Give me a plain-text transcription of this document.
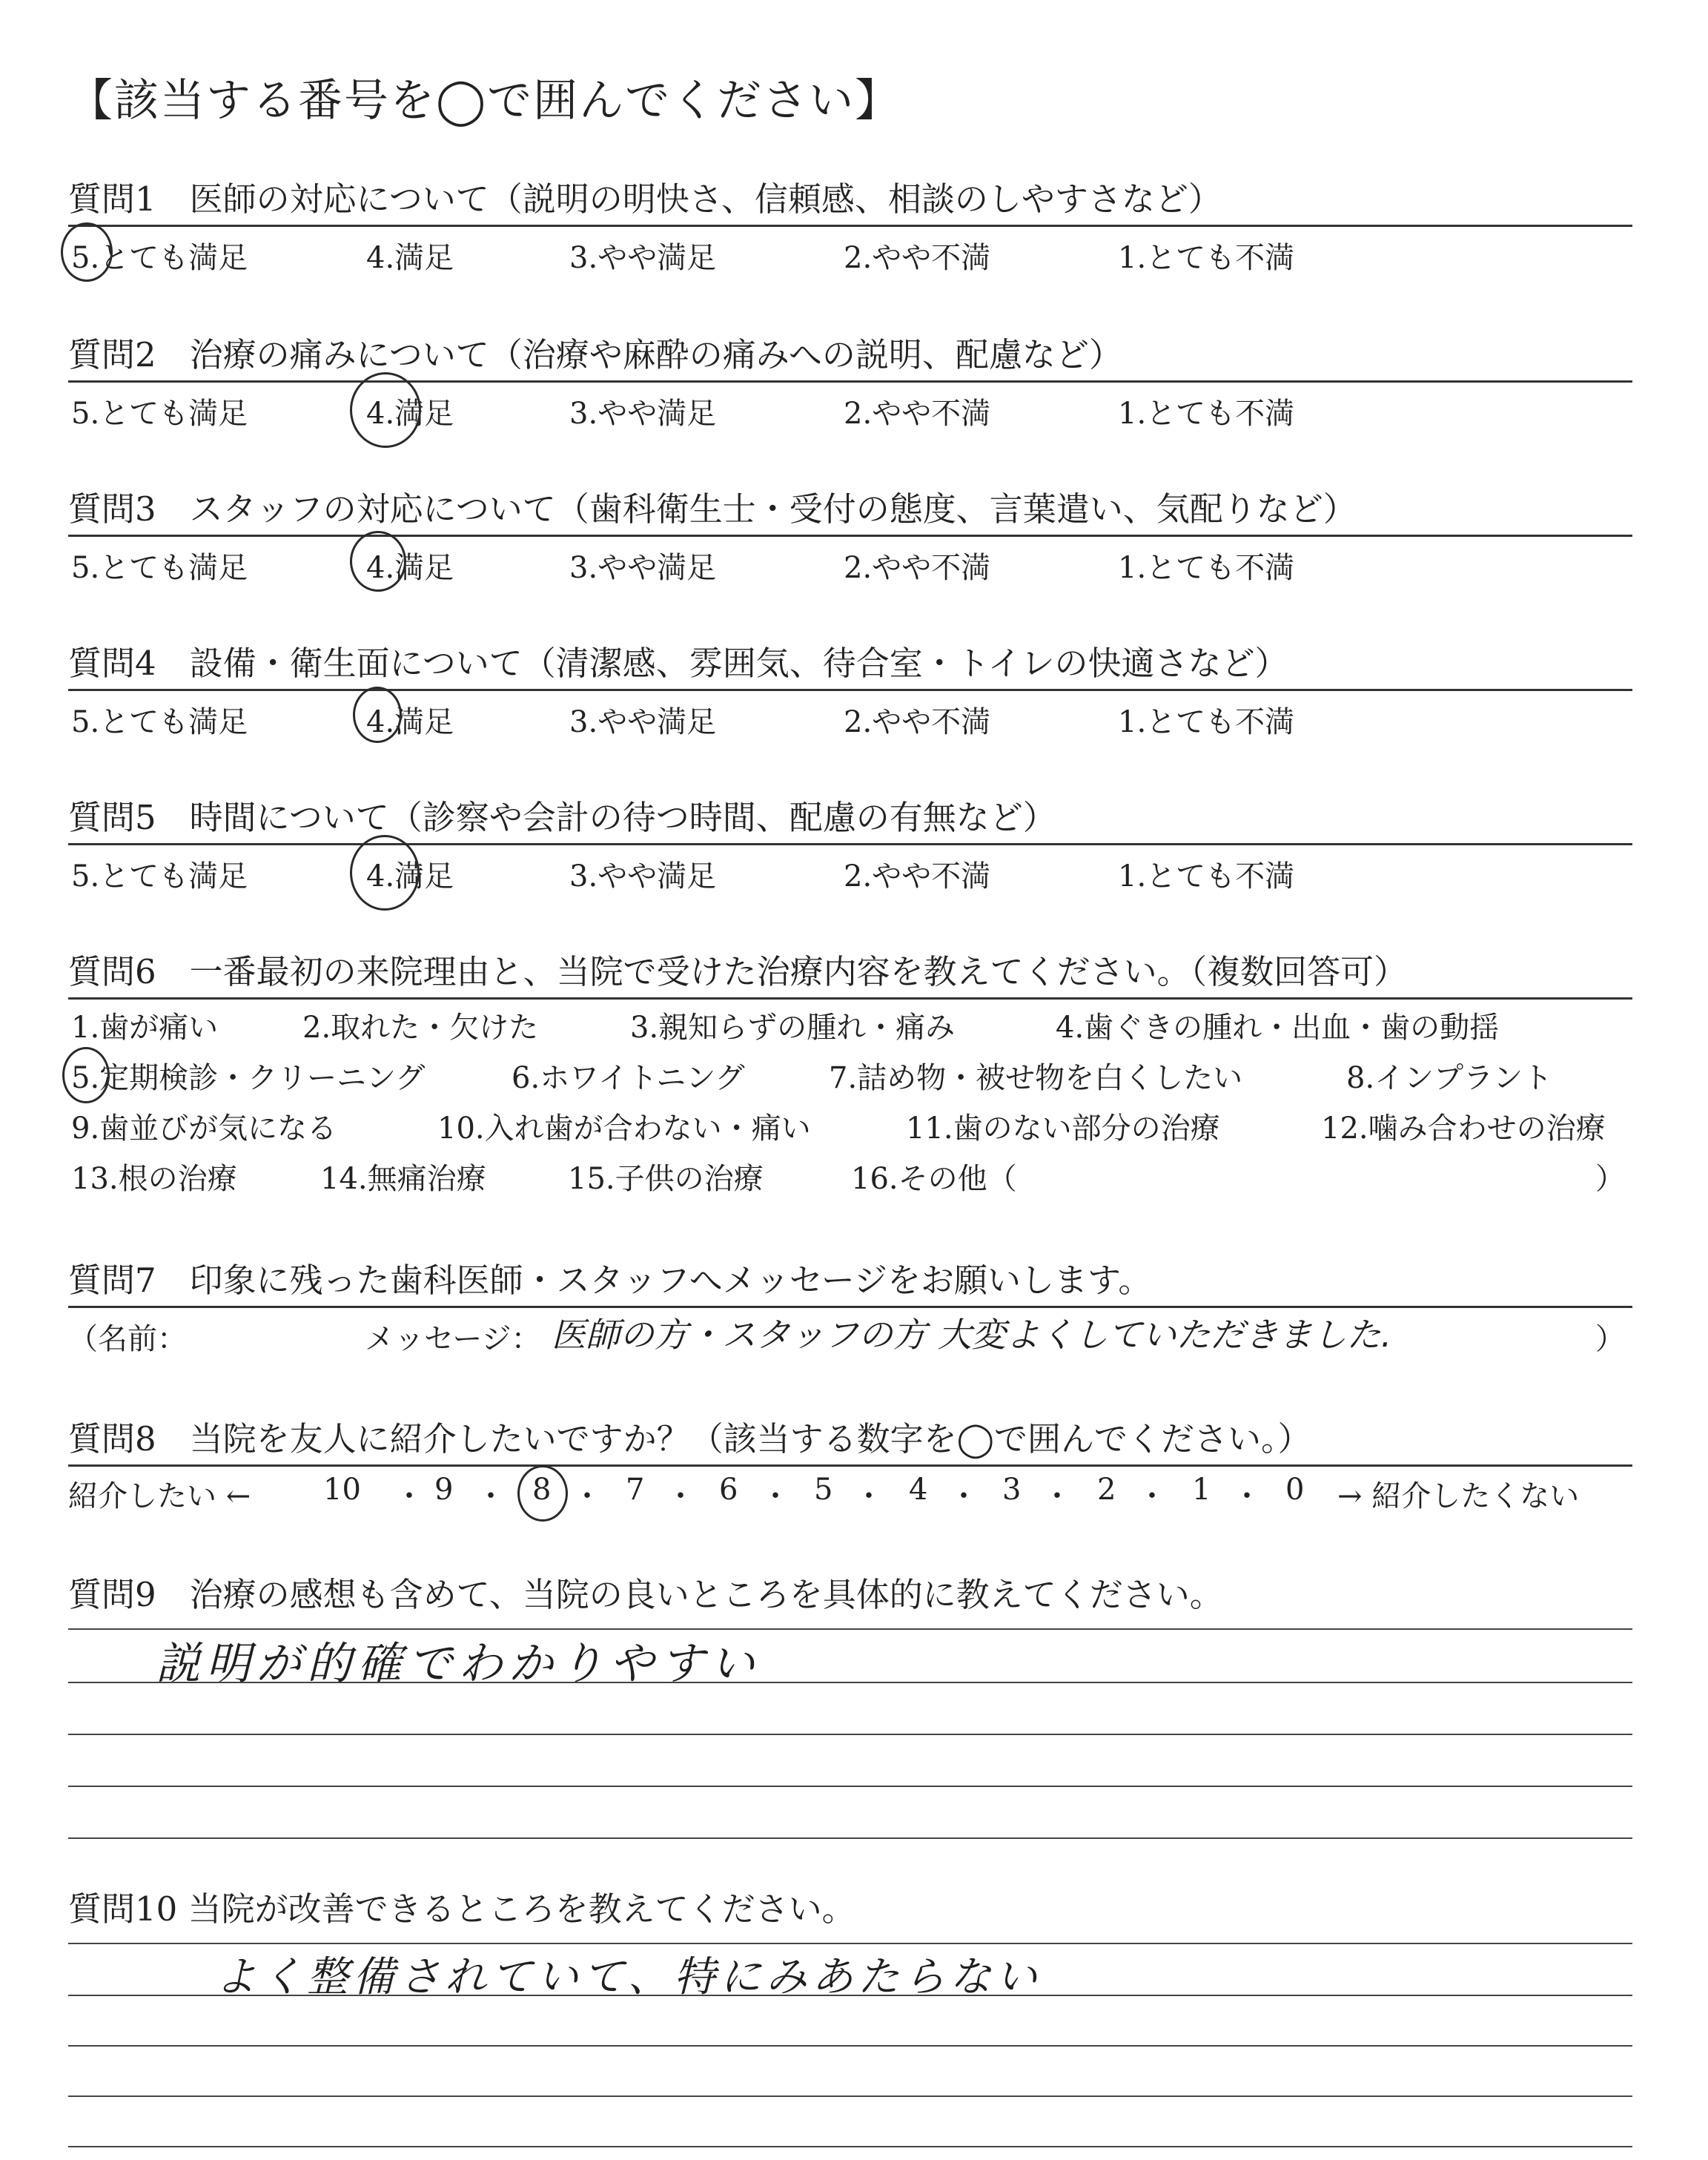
【該当する番号を◯で囲んでください】
質問1　医師の対応について（説明の明快さ、信頼感、相談のしやすさなど）
5.とても満足	4.満足	3.やや満足	2.やや不満	1.とても不満
質問2　治療の痛みについて（治療や麻酔の痛みへの説明、配慮など）
5.とても満足	4.満足	3.やや満足	2.やや不満	1.とても不満
質問3　スタッフの対応について（歯科衛生士・受付の態度、言葉遣い、気配りなど）
5.とても満足	4.満足	3.やや満足	2.やや不満	1.とても不満
質問4　設備・衛生面について（清潔感、雰囲気、待合室・トイレの快適さなど）
5.とても満足	4.満足	3.やや満足	2.やや不満	1.とても不満
質問5　時間について（診察や会計の待つ時間、配慮の有無など）
5.とても満足	4.満足	3.やや満足	2.やや不満	1.とても不満
質問6　一番最初の来院理由と、当院で受けた治療内容を教えてください。（複数回答可）
1.歯が痛い	2.取れた・欠けた	3.親知らずの腫れ・痛み	4.歯ぐきの腫れ・出血・歯の動揺
5.定期検診・クリーニング	6.ホワイトニング	7.詰め物・被せ物を白くしたい	8.インプラント
9.歯並びが気になる	10.入れ歯が合わない・痛い	11.歯のない部分の治療	12.噛み合わせの治療
13.根の治療	14.無痛治療	15.子供の治療	16.その他（	）
質問7　印象に残った歯科医師・スタッフへメッセージをお願いします。
（名前：	メッセージ： 医師の方・スタッフの方 大変よくしていただきました.	）
質問8　当院を友人に紹介したいですか？（該当する数字を◯で囲んでください。）
紹介したい ← 10 ・ 9 ・ 8 ・ 7 ・ 6 ・ 5 ・ 4 ・ 3 ・ 2 ・ 1 ・ 0 → 紹介したくない
質問9　治療の感想も含めて、当院の良いところを具体的に教えてください。
説明が的確でわかりやすい
質問10 当院が改善できるところを教えてください。
よく整備されていて、特にみあたらない
